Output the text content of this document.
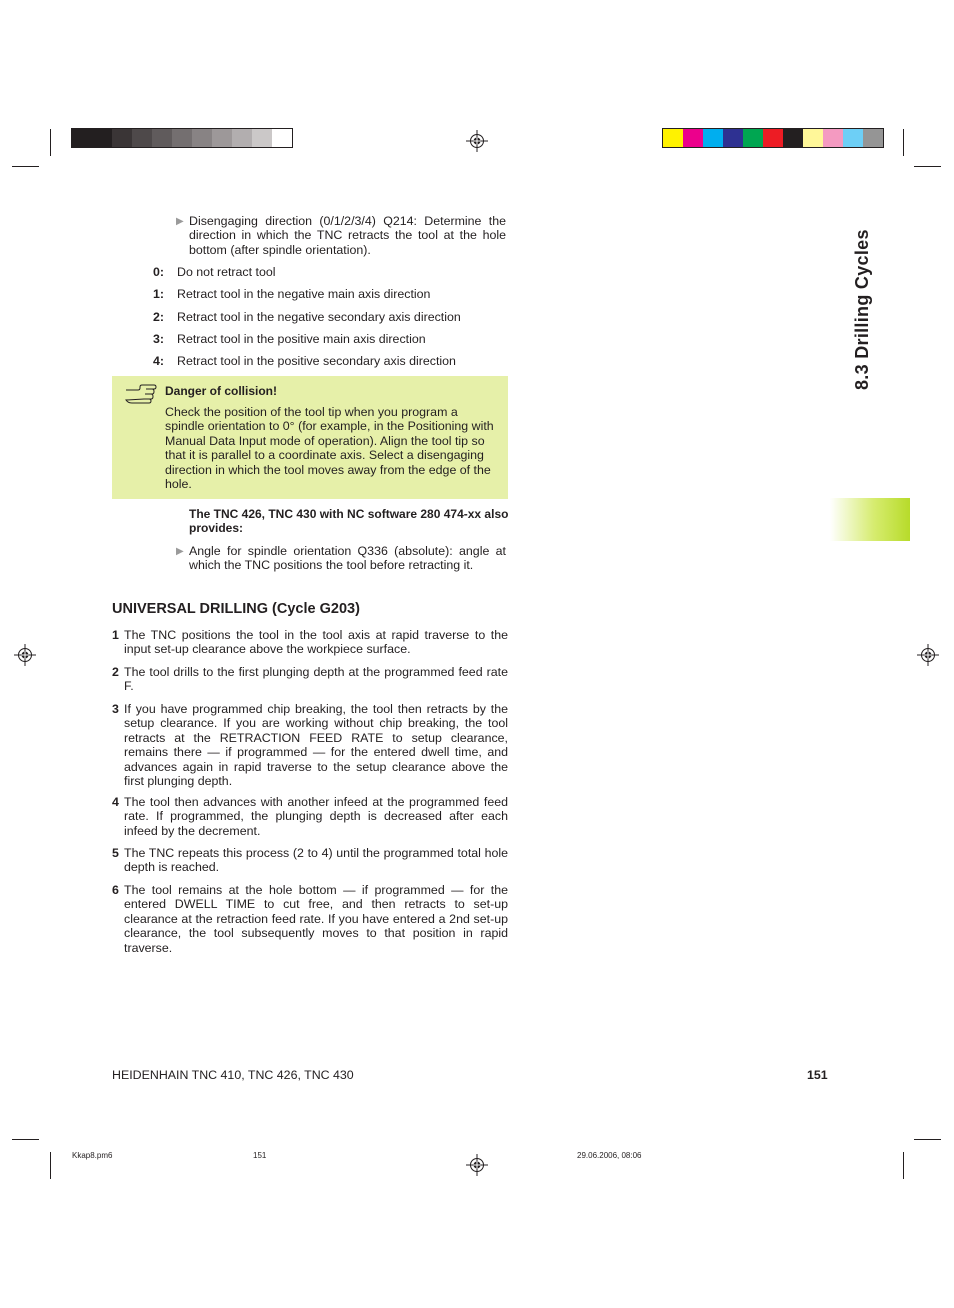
▶ Disengaging direction (0/1/2/3/4) Q214: Determine the direction in which the TNC retracts the tool at the hole bottom (after spindle orientation).
0: Do not retract tool
1: Retract tool in the negative main axis direction
2: Retract tool in the negative secondary axis direction
3: Retract tool in the positive main axis direction
4: Retract tool in the positive secondary axis direction
Danger of collision!
Check the position of the tool tip when you program a spindle orientation to 0° (for example, in the Positioning with Manual Data Input mode of operation). Align the tool tip so that it is parallel to a coordinate axis. Select a disengaging direction in which the tool moves away from the edge of the hole.
The TNC 426, TNC 430 with NC software 280 474-xx also provides:
▶ Angle for spindle orientation Q336 (absolute): angle at which the TNC positions the tool before retracting it.
8.3 Drilling Cycles
UNIVERSAL DRILLING (Cycle G203)
1 The TNC positions the tool in the tool axis at rapid traverse to the input set-up clearance above the workpiece surface.
2 The tool drills to the first plunging depth at the programmed feed rate F.
3 If you have programmed chip breaking, the tool then retracts by the setup clearance. If you are working without chip breaking, the tool retracts at the RETRACTION FEED RATE to setup clearance, remains there — if programmed — for the entered dwell time, and advances again in rapid traverse to the setup clearance above the first plunging depth.
4 The tool then advances with another infeed at the programmed feed rate. If programmed, the plunging depth is decreased after each infeed by the decrement.
5 The TNC repeats this process (2 to 4) until the programmed total hole depth is reached.
6 The tool remains at the hole bottom — if programmed — for the entered DWELL TIME to cut free, and then retracts to set-up clearance at the retraction feed rate. If you have entered a 2nd set-up clearance, the tool subsequently moves to that position in rapid traverse.
HEIDENHAIN TNC 410, TNC 426, TNC 430	151
Kkap8.pm6	151	29.06.2006, 08:06
